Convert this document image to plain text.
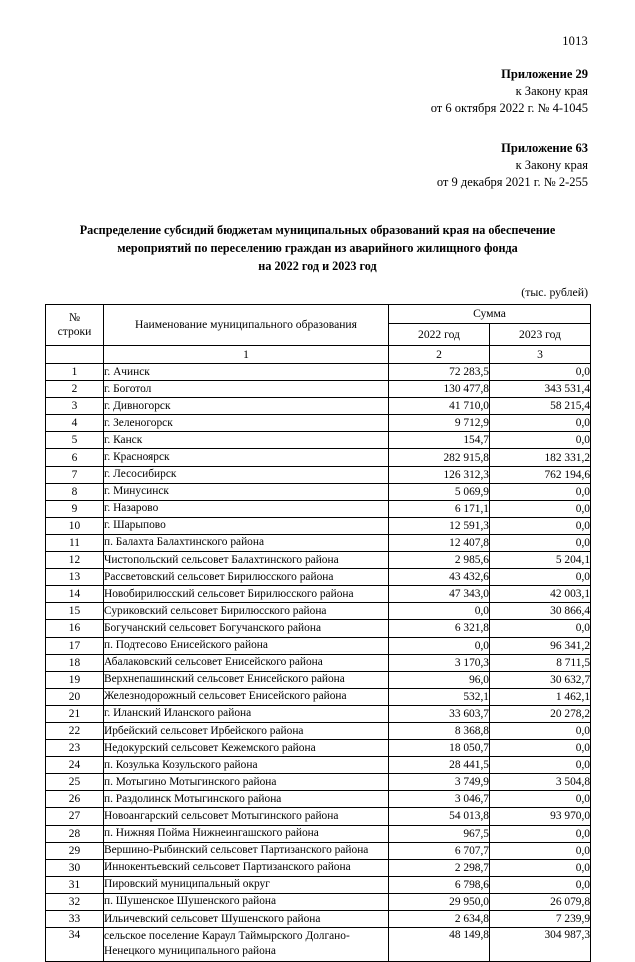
1013
Приложение 29
к Закону края
от 6 октября 2022 г. № 4-1045
Приложение 63
к Закону края
от 9 декабря 2021 г. № 2-255
Распределение субсидий бюджетам муниципальных образований края на обеспечение
мероприятий по переселению граждан из аварийного жилищного фонда
на 2022 год и 2023 год
(тыс. рублей)
№
строки	Наименование муниципального образования	Сумма	
		2022 год	2023 год
	1	2	3
1	г. Ачинск	72 283,5	0,0
2	г. Боготол	130 477,8	343 531,4
3	г. Дивногорск	41 710,0	58 215,4
4	г. Зеленогорск	9 712,9	0,0
5	г. Канск	154,7	0,0
6	г. Красноярск	282 915,8	182 331,2
7	г. Лесосибирск	126 312,3	762 194,6
8	г. Минусинск	5 069,9	0,0
9	г. Назарово	6 171,1	0,0
10	г. Шарыпово	12 591,3	0,0
11	п. Балахта Балахтинского района	12 407,8	0,0
12	Чистопольский сельсовет Балахтинского района	2 985,6	5 204,1
13	Рассветовский сельсовет Бирилюсского района	43 432,6	0,0
14	Новобирилюсский сельсовет Бирилюсского района	47 343,0	42 003,1
15	Суриковский сельсовет Бирилюсского района	0,0	30 866,4
16	Богучанский сельсовет Богучанского района	6 321,8	0,0
17	п. Подтесово Енисейского района	0,0	96 341,2
18	Абалаковский сельсовет Енисейского района	3 170,3	8 711,5
19	Верхнепашинский сельсовет Енисейского района	96,0	30 632,7
20	Железнодорожный сельсовет Енисейского района	532,1	1 462,1
21	г. Иланский Иланского района	33 603,7	20 278,2
22	Ирбейский сельсовет Ирбейского района	8 368,8	0,0
23	Недокурский сельсовет Кежемского района	18 050,7	0,0
24	п. Козулька Козульского района	28 441,5	0,0
25	п. Мотыгино Мотыгинского района	3 749,9	3 504,8
26	п. Раздолинск Мотыгинского района	3 046,7	0,0
27	Новоангарский сельсовет Мотыгинского района	54 013,8	93 970,0
28	п. Нижняя Пойма Нижнеингашского района	967,5	0,0
29	Вершино-Рыбинский сельсовет Партизанского района	6 707,7	0,0
30	Иннокентьевский сельсовет Партизанского района	2 298,7	0,0
31	Пировский муниципальный округ	6 798,6	0,0
32	п. Шушенское Шушенского района	29 950,0	26 079,8
33	Ильичевский сельсовет Шушенского района	2 634,8	7 239,9
34	сельское поселение Караул Таймырского Долгано-Ненецкого муниципального района	48 149,8	304 987,3
